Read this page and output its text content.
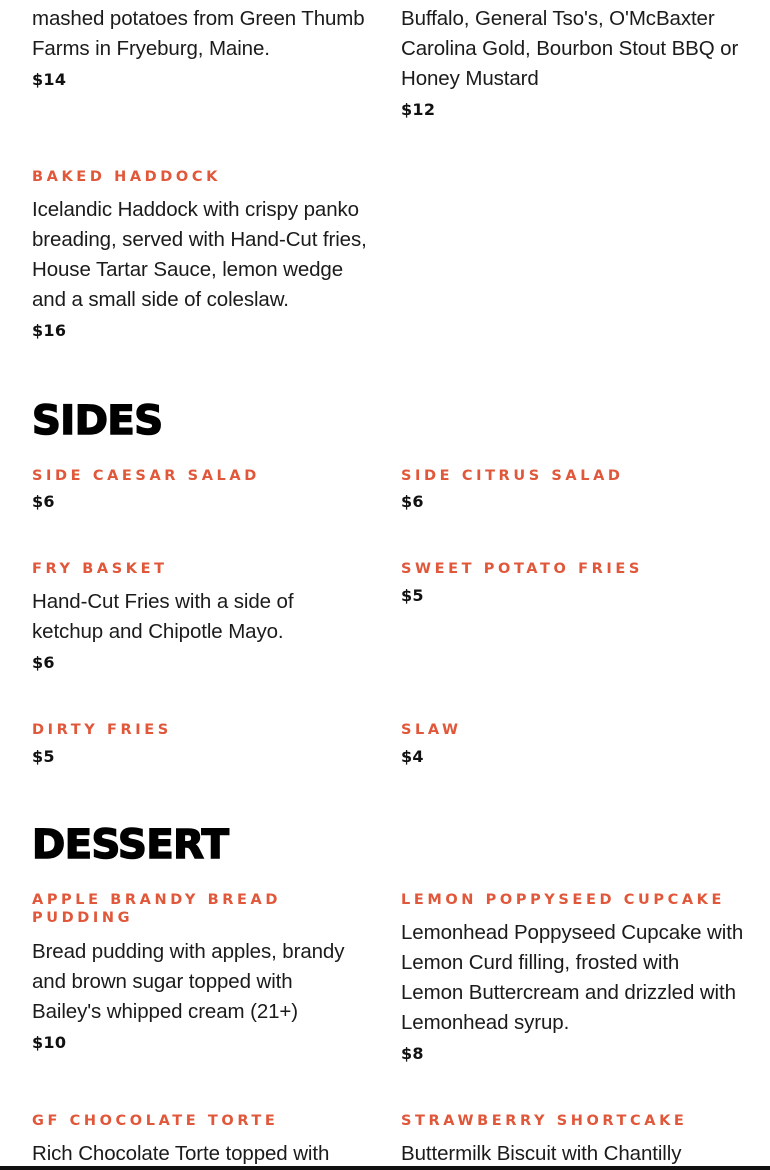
mashed potatoes from Green Thumb Farms in Fryeburg, Maine.
$14
Buffalo, General Tso's, O'McBaxter Carolina Gold, Bourbon Stout BBQ or Honey Mustard
$12
BAKED HADDOCK
Icelandic Haddock with crispy panko breading, served with Hand-Cut fries, House Tartar Sauce, lemon wedge and a small side of coleslaw.
$16
SIDES
SIDE CAESAR SALAD
$6
SIDE CITRUS SALAD
$6
FRY BASKET
Hand-Cut Fries with a side of ketchup and Chipotle Mayo.
$6
SWEET POTATO FRIES
$5
DIRTY FRIES
$5
SLAW
$4
DESSERT
APPLE BRANDY BREAD PUDDING
Bread pudding with apples, brandy and brown sugar topped with Bailey's whipped cream (21+)
$10
LEMON POPPYSEED CUPCAKE
Lemonhead Poppyseed Cupcake with Lemon Curd filling, frosted with Lemon Buttercream and drizzled with Lemonhead syrup.
$8
GF CHOCOLATE TORTE
Rich Chocolate Torte topped with
STRAWBERRY SHORTCAKE
Buttermilk Biscuit with Chantilly
